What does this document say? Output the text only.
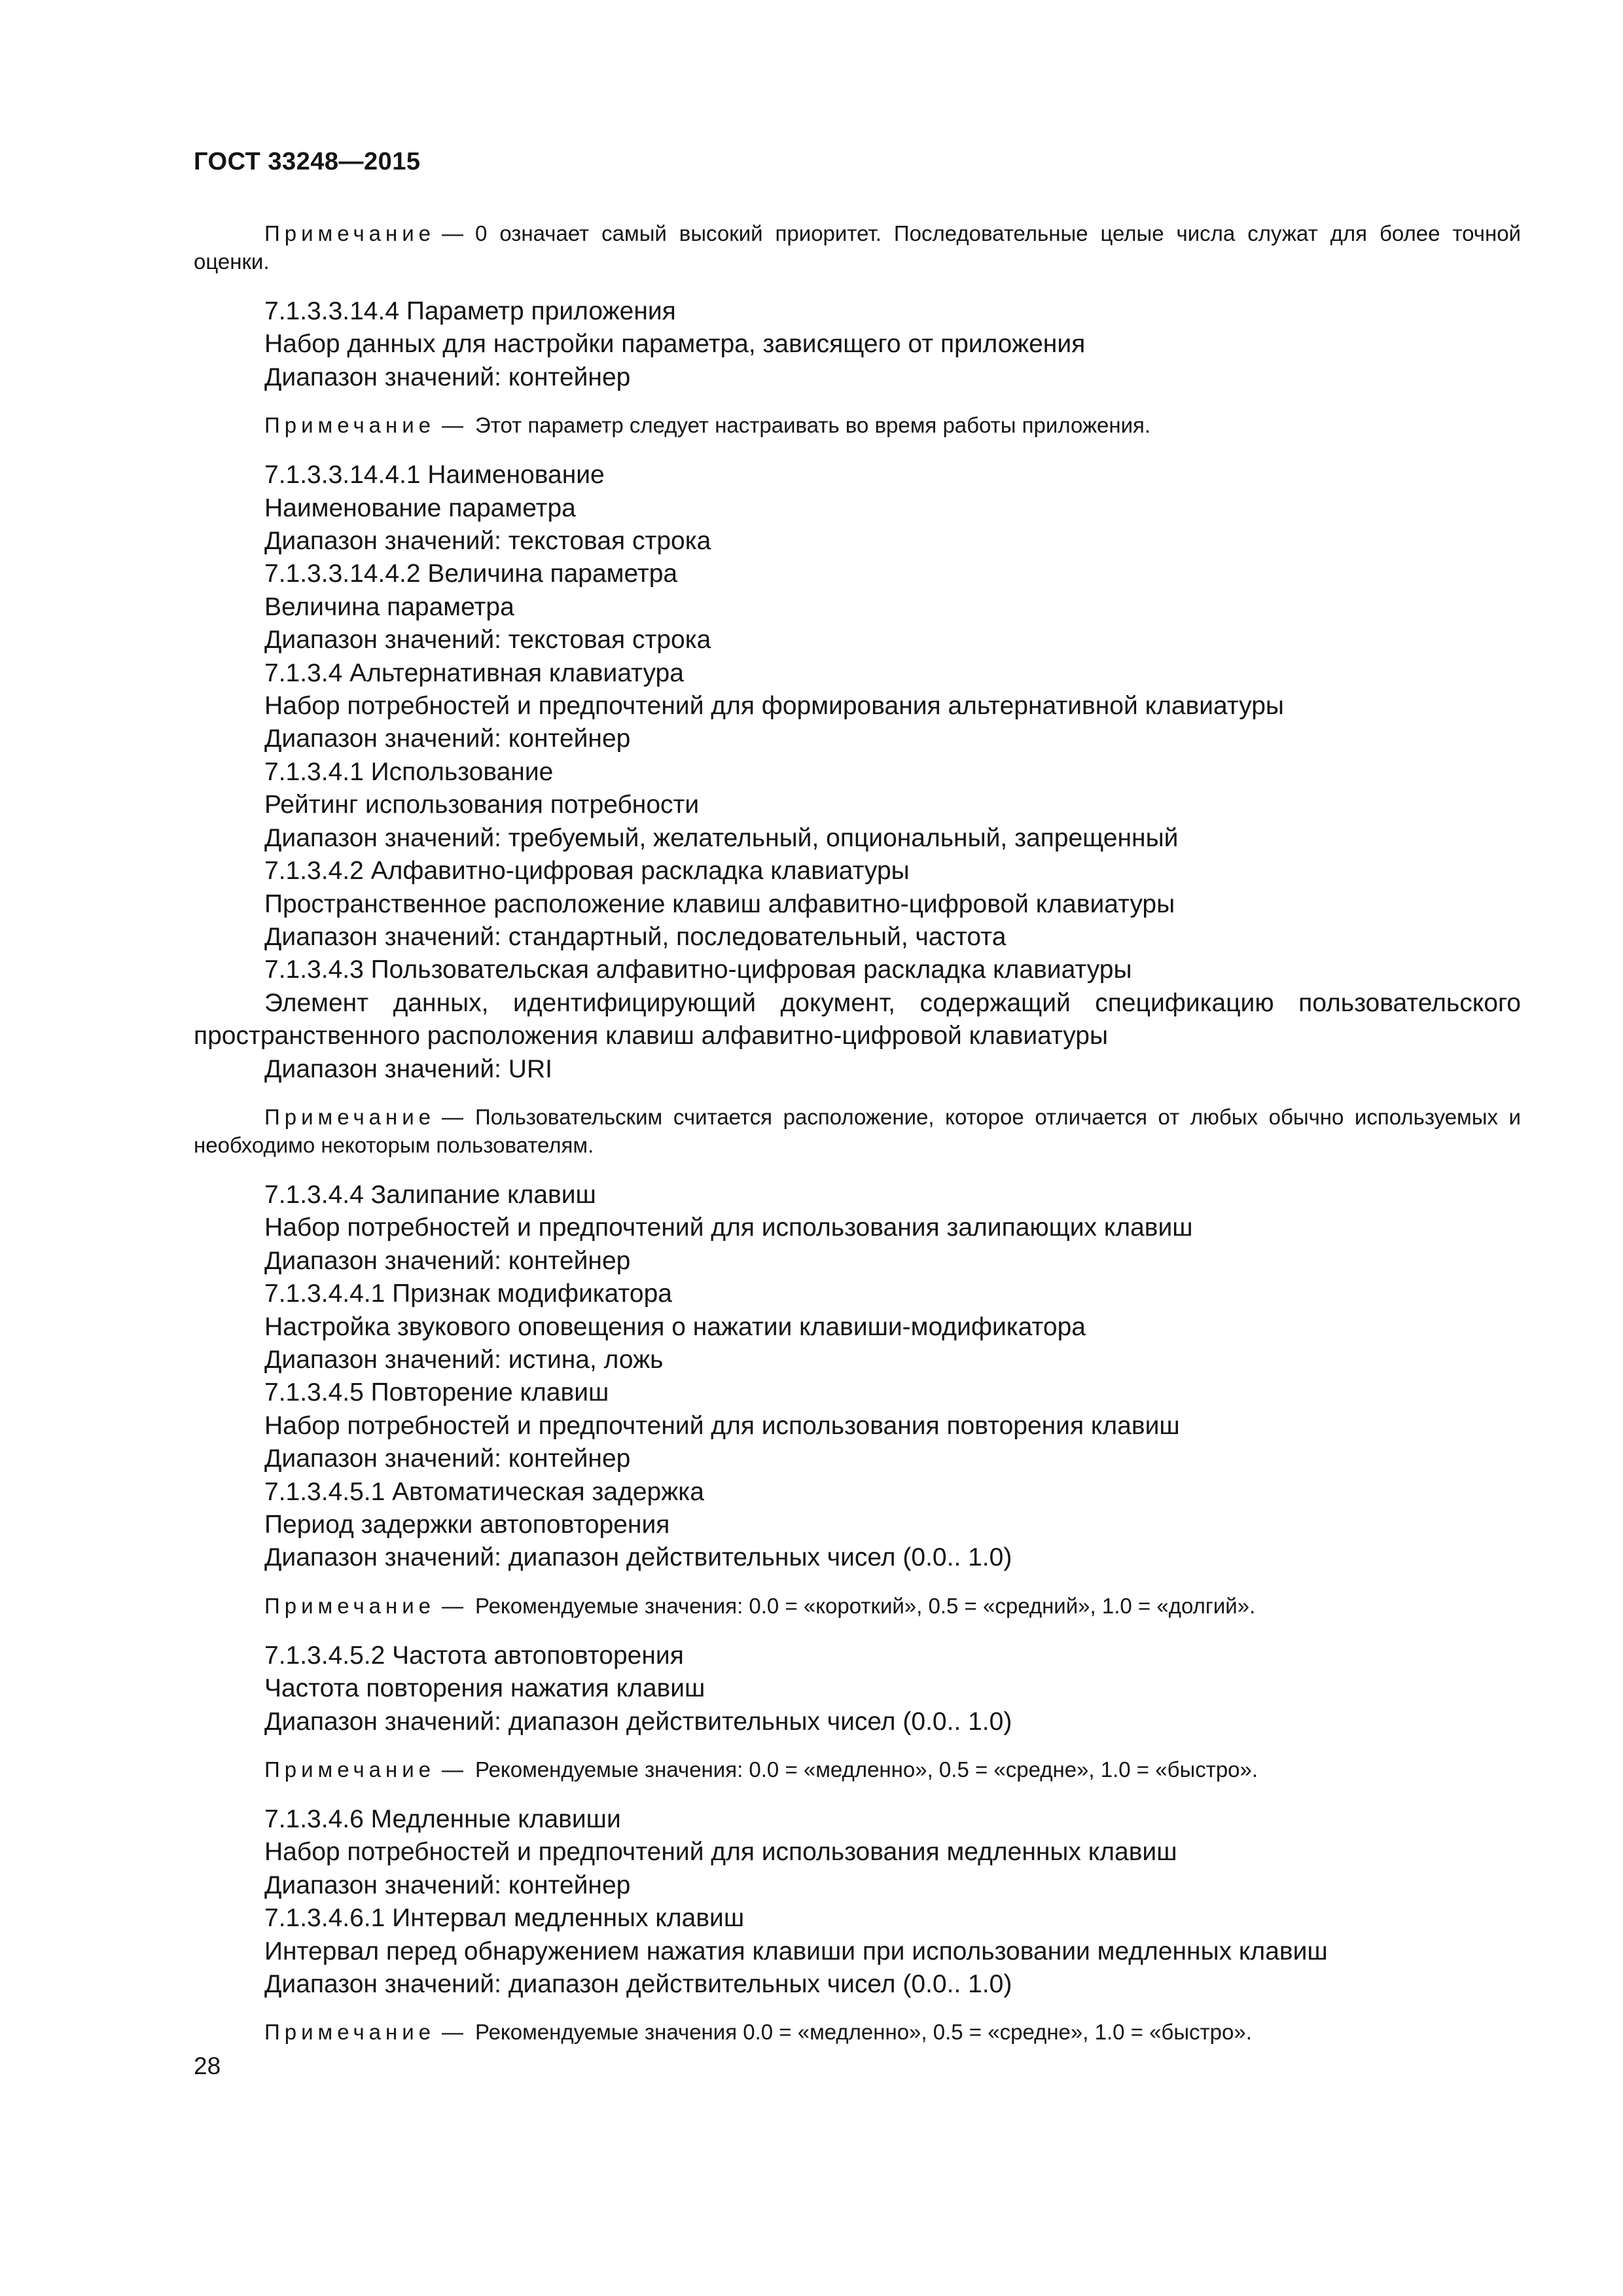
ГОСТ 33248—2015

Примечание — 0 означает самый высокий приоритет. Последовательные целые числа служат для более точной оценки.

7.1.3.3.14.4 Параметр приложения
Набор данных для настройки параметра, зависящего от приложения
Диапазон значений: контейнер

Примечание — Этот параметр следует настраивать во время работы приложения.

7.1.3.3.14.4.1 Наименование
Наименование параметра
Диапазон значений: текстовая строка
7.1.3.3.14.4.2 Величина параметра
Величина параметра
Диапазон значений: текстовая строка
7.1.3.4 Альтернативная клавиатура
Набор потребностей и предпочтений для формирования альтернативной клавиатуры
Диапазон значений: контейнер
7.1.3.4.1 Использование
Рейтинг использования потребности
Диапазон значений: требуемый, желательный, опциональный, запрещенный
7.1.3.4.2 Алфавитно-цифровая раскладка клавиатуры
Пространственное расположение клавиш алфавитно-цифровой клавиатуры
Диапазон значений: стандартный, последовательный, частота
7.1.3.4.3 Пользовательская алфавитно-цифровая раскладка клавиатуры
Элемент данных, идентифицирующий документ, содержащий спецификацию пользовательского пространственного расположения клавиш алфавитно-цифровой клавиатуры
Диапазон значений: URI

Примечание — Пользовательским считается расположение, которое отличается от любых обычно используемых и необходимо некоторым пользователям.

7.1.3.4.4 Залипание клавиш
Набор потребностей и предпочтений для использования залипающих клавиш
Диапазон значений: контейнер
7.1.3.4.4.1 Признак модификатора
Настройка звукового оповещения о нажатии клавиши-модификатора
Диапазон значений: истина, ложь
7.1.3.4.5 Повторение клавиш
Набор потребностей и предпочтений для использования повторения клавиш
Диапазон значений: контейнер
7.1.3.4.5.1 Автоматическая задержка
Период задержки автоповторения
Диапазон значений: диапазон действительных чисел (0.0.. 1.0)

Примечание — Рекомендуемые значения: 0.0 = «короткий», 0.5 = «средний», 1.0 = «долгий».

7.1.3.4.5.2 Частота автоповторения
Частота повторения нажатия клавиш
Диапазон значений: диапазон действительных чисел (0.0.. 1.0)

Примечание — Рекомендуемые значения: 0.0 = «медленно», 0.5 = «средне», 1.0 = «быстро».

7.1.3.4.6 Медленные клавиши
Набор потребностей и предпочтений для использования медленных клавиш
Диапазон значений: контейнер
7.1.3.4.6.1 Интервал медленных клавиш
Интервал перед обнаружением нажатия клавиши при использовании медленных клавиш
Диапазон значений: диапазон действительных чисел (0.0.. 1.0)

Примечание — Рекомендуемые значения 0.0 = «медленно», 0.5 = «средне», 1.0 = «быстро».

28
